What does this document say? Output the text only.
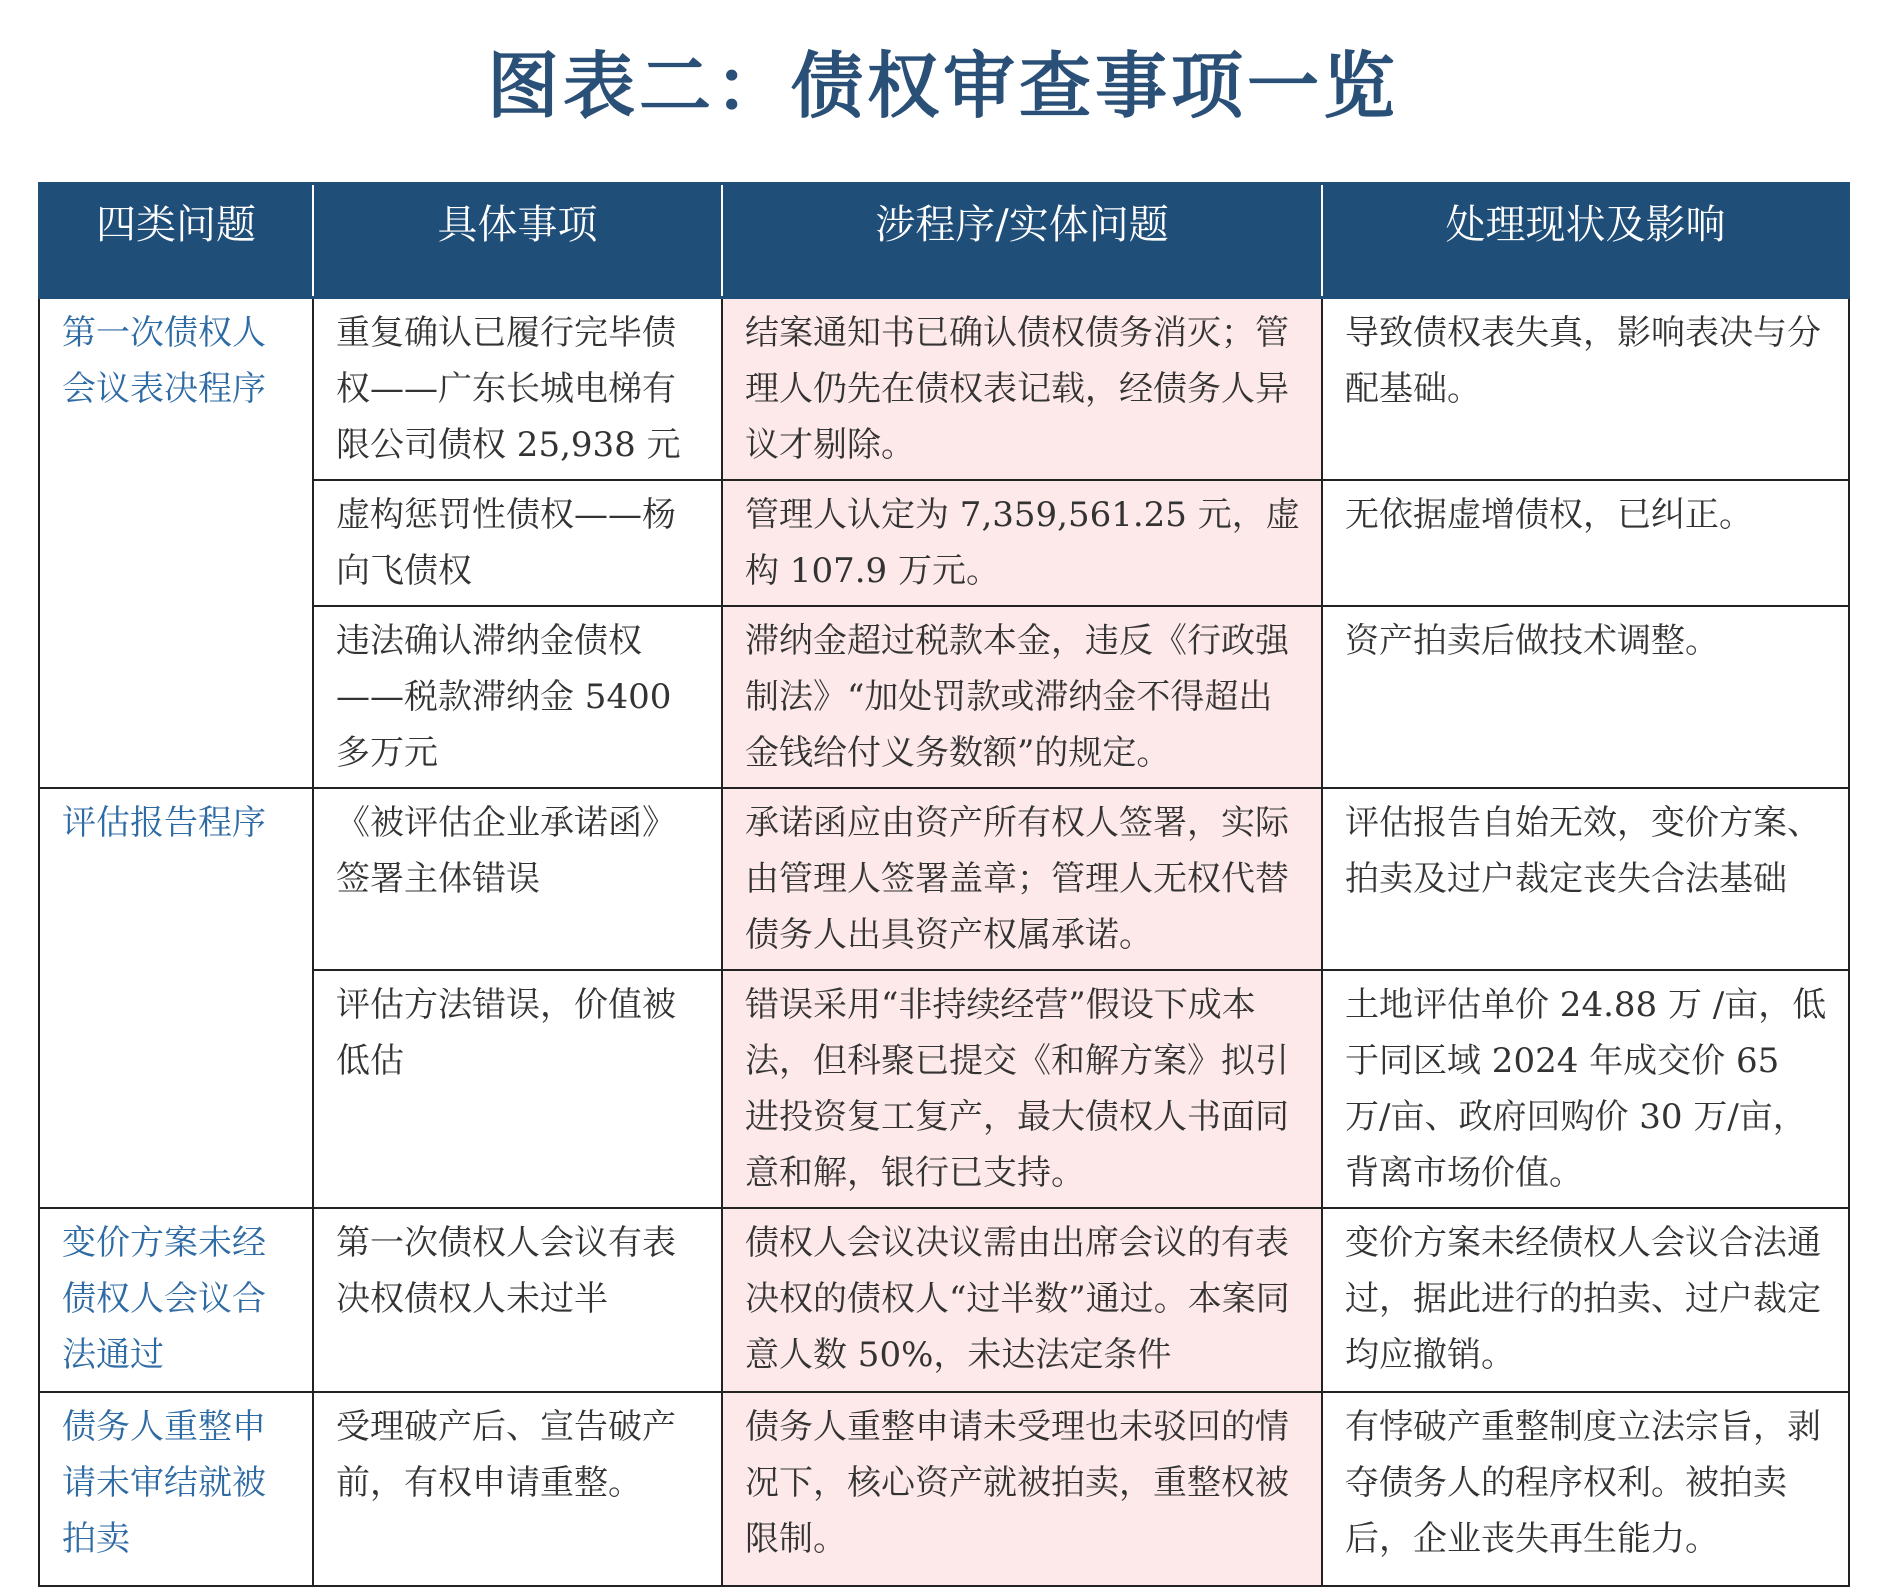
图表二：债权审查事项一览
四类问题	具体事项	涉程序/实体问题	处理现状及影响
第一次债权人会议表决程序	重复确认已履行完毕债权——广东长城电梯有限公司债权 25,938 元	结案通知书已确认债权债务消灭；管理人仍先在债权表记载，经债务人异议才剔除。	导致债权表失真，影响表决与分配基础。
	虚构惩罚性债权——杨向飞债权	管理人认定为 7,359,561.25 元，虚构 107.9 万元。	无依据虚增债权，已纠正。
	违法确认滞纳金债权——税款滞纳金 5400 多万元	滞纳金超过税款本金，违反《行政强制法》“加处罚款或滞纳金不得超出金钱给付义务数额”的规定。	资产拍卖后做技术调整。
评估报告程序	《被评估企业承诺函》签署主体错误	承诺函应由资产所有权人签署，实际由管理人签署盖章；管理人无权代替债务人出具资产权属承诺。	评估报告自始无效，变价方案、拍卖及过户裁定丧失合法基础
	评估方法错误，价值被低估	错误采用“非持续经营”假设下成本法，但科聚已提交《和解方案》拟引进投资复工复产，最大债权人书面同意和解，银行已支持。	土地评估单价 24.88 万 /亩，低于同区域 2024 年成交价 65 万/亩、政府回购价 30 万/亩，背离市场价值。
变价方案未经债权人会议合法通过	第一次债权人会议有表决权债权人未过半	债权人会议决议需由出席会议的有表决权的债权人“过半数”通过。本案同意人数 50%，未达法定条件	变价方案未经债权人会议合法通过，据此进行的拍卖、过户裁定均应撤销。
债务人重整申请未审结就被拍卖	受理破产后、宣告破产前，有权申请重整。	债务人重整申请未受理也未驳回的情况下，核心资产就被拍卖，重整权被限制。	有悖破产重整制度立法宗旨，剥夺债务人的程序权利。被拍卖后，企业丧失再生能力。
